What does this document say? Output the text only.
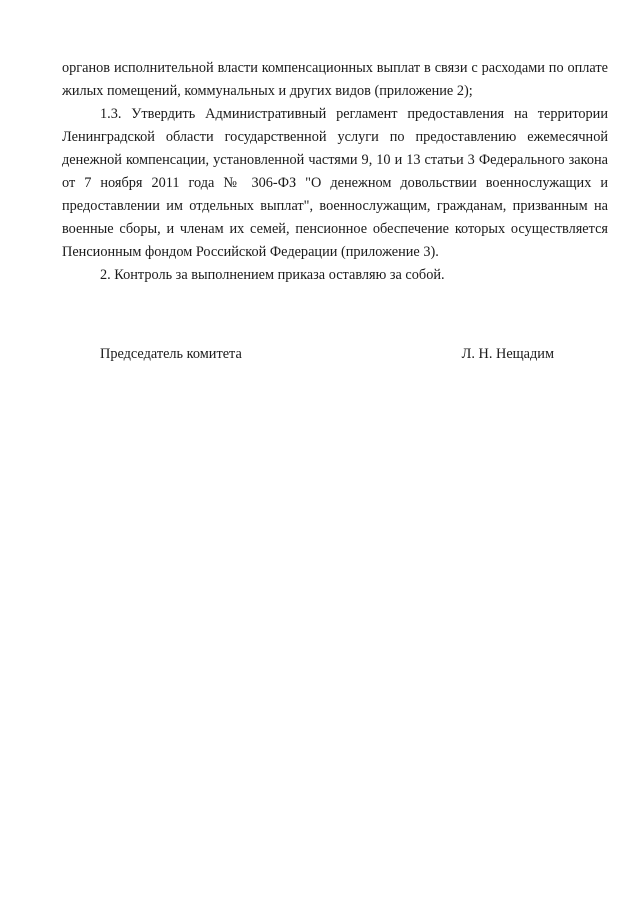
органов исполнительной власти компенсационных выплат в связи с расходами по оплате жилых помещений, коммунальных и других видов (приложение 2);

1.3. Утвердить Административный регламент предоставления на территории Ленинградской области государственной услуги по предоставлению ежемесячной денежной компенсации, установленной частями 9, 10 и 13 статьи 3 Федерального закона от 7 ноября 2011 года № 306-ФЗ "О денежном довольствии военнослужащих и предоставлении им отдельных выплат", военнослужащим, гражданам, призванным на военные сборы, и членам их семей, пенсионное обеспечение которых осуществляется Пенсионным фондом Российской Федерации (приложение 3).

2. Контроль за выполнением приказа оставляю за собой.

Председатель комитета	Л. Н. Нещадим
